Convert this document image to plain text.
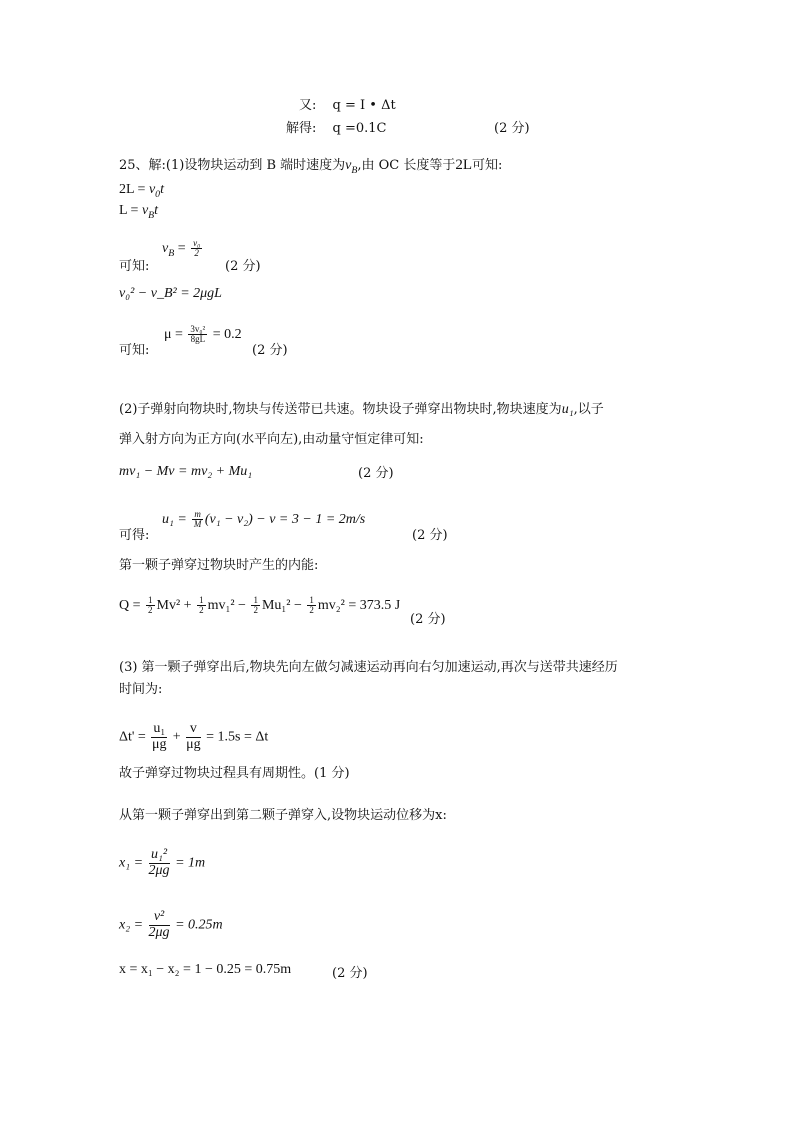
又: q = I • Δt
解得: q =0.1C	(2 分)
25、解:(1)设物块运动到 B 端时速度为$v_B$,由 OC 长度等于2L可知:
$2L = v_0t$
$L = v_Bt$
$v_B = \frac{\text{v₀}}{2}$
可知:	(2 分)
v₀² − v_B² = 2μgL
$\mu = \frac{\text{3v₀²}}{8gL} = 0.2$
可知:	(2 分)
(2)子弹射向物块时,物块与传送带已共速。物块设子弹穿出物块时,物块速度为u₁,以子
弹入射方向为正方向(水平向左),由动量守恒定律可知:
mv₁ − Mv = mv₂ + Mu₁	(2 分)
$u_1 = \frac{m}{M} (v_1 - v_2) - v = 3 - 1 = 2m/s$
可得:	(2 分)
第一颗子弹穿过物块时产生的内能:
$Q = \frac{1}{2} Mv^2 + \frac{1}{2} mv_1^2 - \frac{1}{2} Mu_1^2 - \frac{1}{2} mv_2^2 = 373.5$ J
(2 分)
(3) 第一颗子弹穿出后,物块先向左做匀减速运动再向右匀加速运动,再次与送带共速经历
时间为:
$\Delta t' = \frac{\text{u₁}}{\mu g} + \frac{v}{\mu g} = 1.5s = \Delta t$
故子弹穿过物块过程具有周期性。(1 分)
从第一颗子弹穿出到第二颗子弹穿入,设物块运动位移为x:
$x_1 = \frac{\text{u₁²}}{2\mu g} = 1m$
$x_2 = \frac{\text{v²}}{2\mu g} = 0.25m$
x = x₁ − x₂ = 1 − 0.25 = 0.75m	(2 分)
